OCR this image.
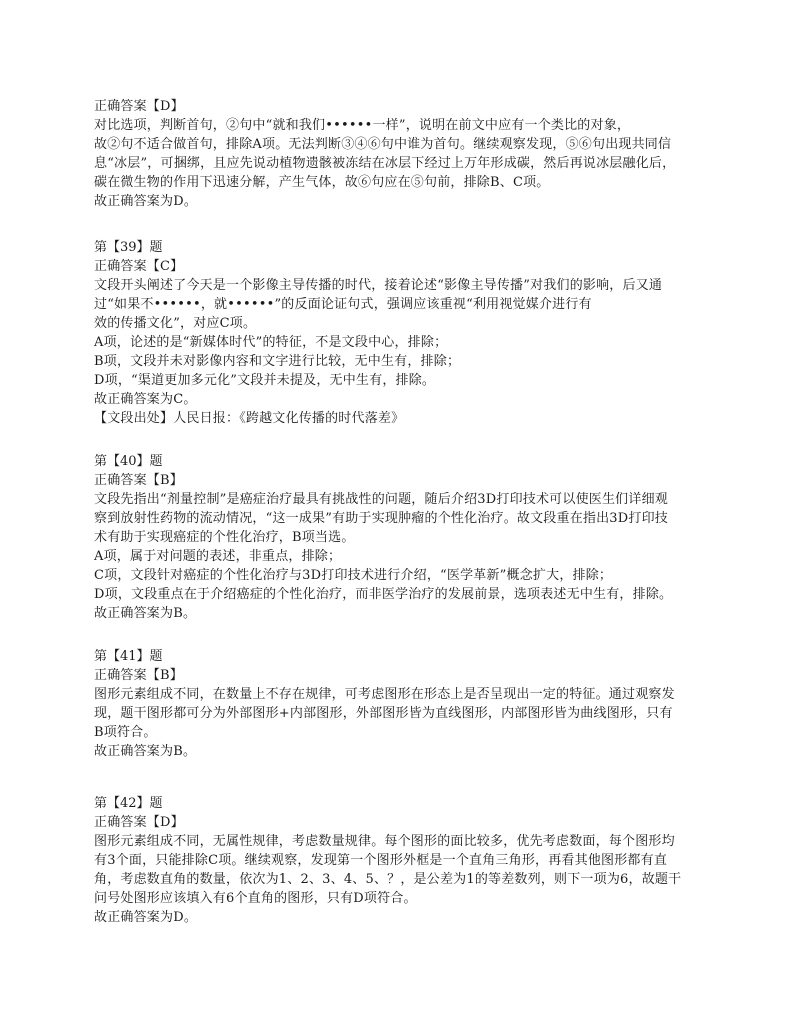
正确答案【D】
对比选项，判断首句，②句中“就和我们••••••一样”，说明在前文中应有一个类比的对象，
故②句不适合做首句，排除A项。无法判断③④⑥句中谁为首句。继续观察发现，⑤⑥句出现共同信
息“冰层”，可捆绑，且应先说动植物遗骸被冻结在冰层下经过上万年形成碳，然后再说冰层融化后，
碳在微生物的作用下迅速分解，产生气体，故⑥句应在⑤句前，排除B、C项。
故正确答案为D。
第【39】题
正确答案【C】
文段开头阐述了今天是一个影像主导传播的时代，接着论述“影像主导传播”对我们的影响，后又通
过“如果不••••••，就••••••”的反面论证句式，强调应该重视“利用视觉媒介进行有
效的传播文化”，对应C项。
A项，论述的是“新媒体时代”的特征，不是文段中心，排除；
B项，文段并未对影像内容和文字进行比较，无中生有，排除；
D项，“渠道更加多元化”文段并未提及，无中生有，排除。
故正确答案为C。
【文段出处】人民日报：《跨越文化传播的时代落差》
第【40】题
正确答案【B】
文段先指出“剂量控制”是癌症治疗最具有挑战性的问题，随后介绍3D打印技术可以使医生们详细观
察到放射性药物的流动情况，“这一成果”有助于实现肿瘤的个性化治疗。故文段重在指出3D打印技
术有助于实现癌症的个性化治疗，B项当选。
A项，属于对问题的表述，非重点，排除；
C项，文段针对癌症的个性化治疗与3D打印技术进行介绍，“医学革新”概念扩大，排除；
D项，文段重点在于介绍癌症的个性化治疗，而非医学治疗的发展前景，选项表述无中生有，排除。
故正确答案为B。
第【41】题
正确答案【B】
图形元素组成不同，在数量上不存在规律，可考虑图形在形态上是否呈现出一定的特征。通过观察发
现，题干图形都可分为外部图形+内部图形，外部图形皆为直线图形，内部图形皆为曲线图形，只有
B项符合。
故正确答案为B。
第【42】题
正确答案【D】
图形元素组成不同，无属性规律，考虑数量规律。每个图形的面比较多，优先考虑数面，每个图形均
有3个面，只能排除C项。继续观察，发现第一个图形外框是一个直角三角形，再看其他图形都有直
角，考虑数直角的数量，依次为1、2、3、4、5、？，是公差为1的等差数列，则下一项为6，故题干
问号处图形应该填入有6个直角的图形，只有D项符合。
故正确答案为D。
